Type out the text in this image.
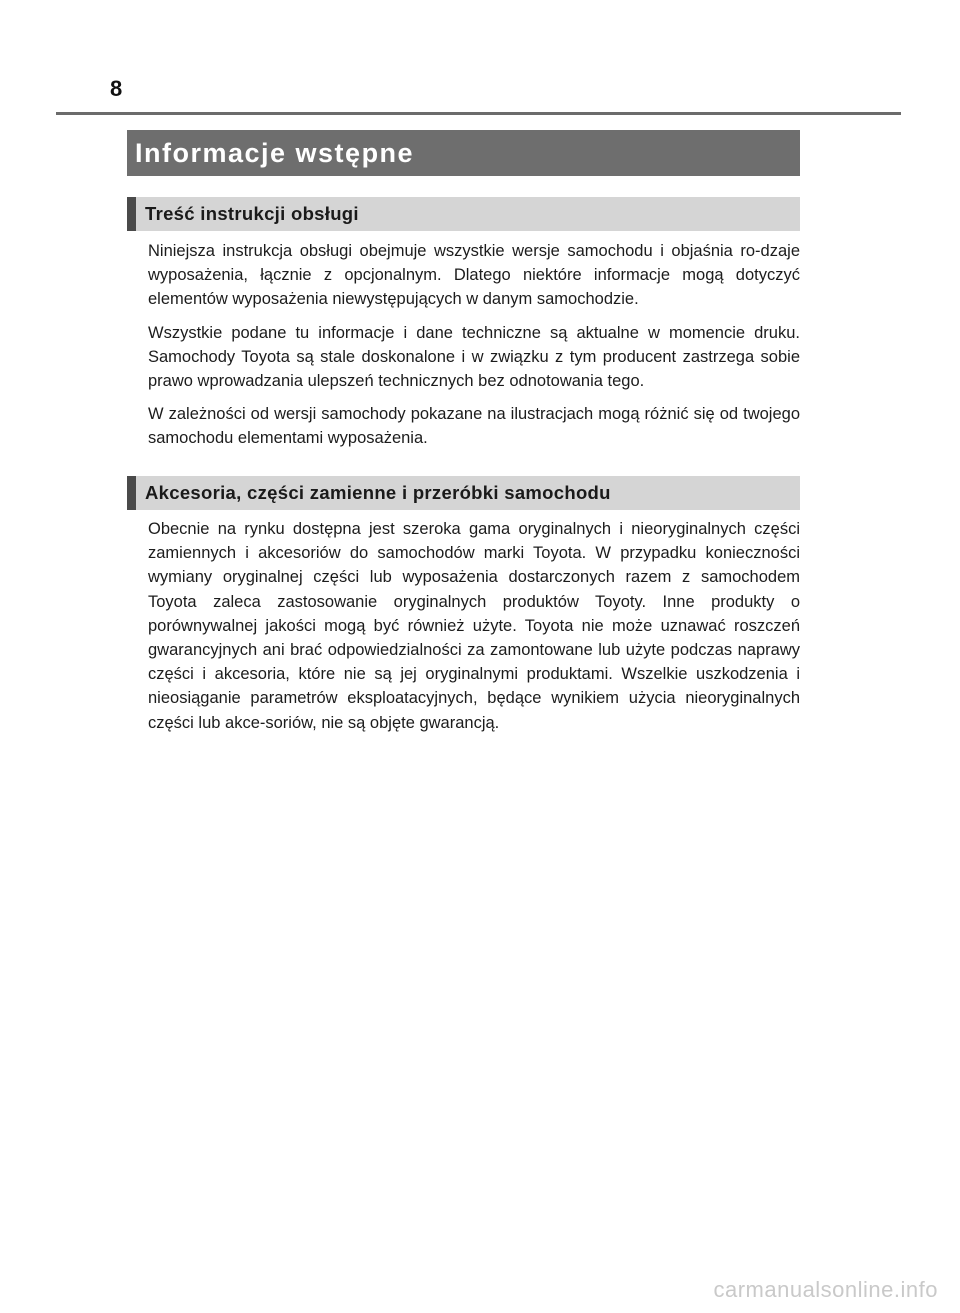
8
Informacje wstępne
Treść instrukcji obsługi

Niniejsza instrukcja obsługi obejmuje wszystkie wersje samochodu i objaśnia ro-dzaje wyposażenia, łącznie z opcjonalnym. Dlatego niektóre informacje mogą dotyczyć elementów wyposażenia niewystępujących w danym samochodzie.

Wszystkie podane tu informacje i dane techniczne są aktualne w momencie druku. Samochody Toyota są stale doskonalone i w związku z tym producent zastrzega sobie prawo wprowadzania ulepszeń technicznych bez odnotowania tego.

W zależności od wersji samochody pokazane na ilustracjach mogą różnić się od twojego samochodu elementami wyposażenia.

Akcesoria, części zamienne i przeróbki samochodu

Obecnie na rynku dostępna jest szeroka gama oryginalnych i nieoryginalnych części zamiennych i akcesoriów do samochodów marki Toyota. W przypadku konieczności wymiany oryginalnej części lub wyposażenia dostarczonych razem z samochodem Toyota zaleca zastosowanie oryginalnych produktów Toyoty. Inne produkty o porównywalnej jakości mogą być również użyte. Toyota nie może uznawać roszczeń gwarancyjnych ani brać odpowiedzialności za zamontowane lub użyte podczas naprawy części i akcesoria, które nie są jej oryginalnymi produktami. Wszelkie uszkodzenia i nieosiąganie parametrów eksploatacyjnych, będące wynikiem użycia nieoryginalnych części lub akce-soriów, nie są objęte gwarancją.

carmanualsonline.info
